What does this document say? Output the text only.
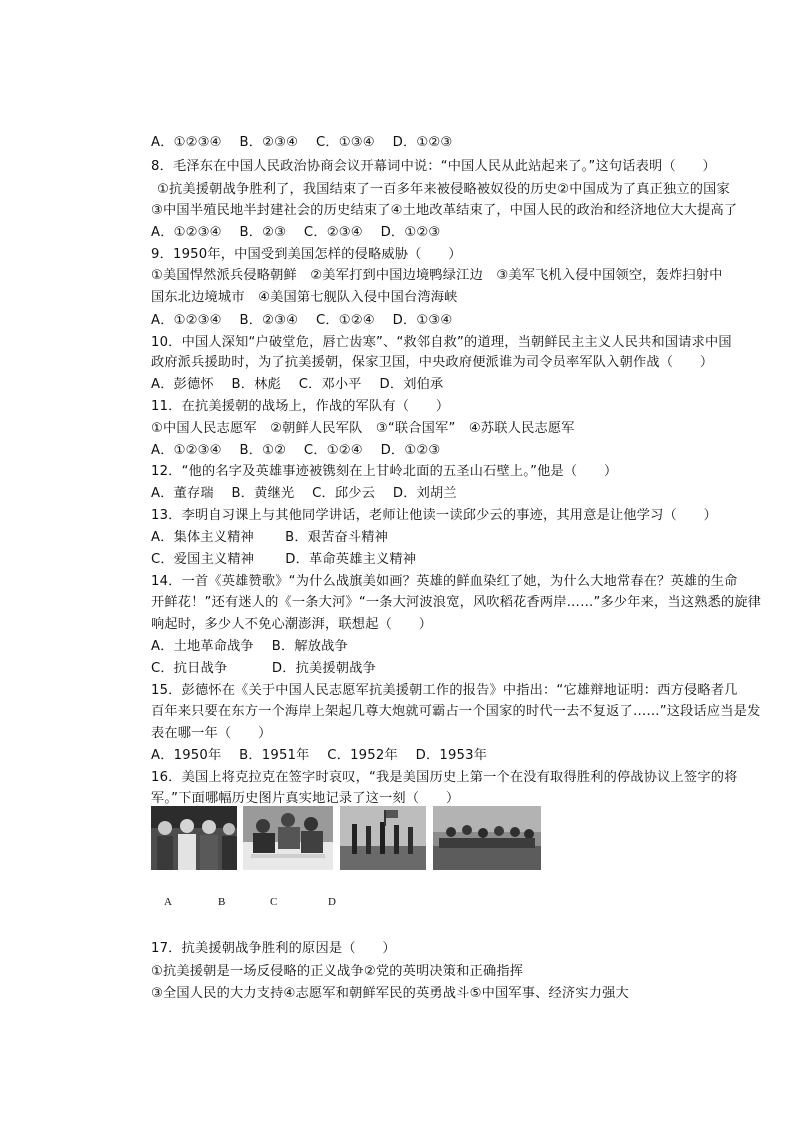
A．①②③④　 B．②③④　 C．①③④　 D．①②③
8．毛泽东在中国人民政治协商会议开幕词中说：“中国人民从此站起来了。”这句话表明（　　）
①抗美援朝战争胜利了，我国结束了一百多年来被侵略被奴役的历史②中国成为了真正独立的国家
③中国半殖民地半封建社会的历史结束了④土地改革结束了，中国人民的政治和经济地位大大提高了
A．①②③④　 B．②③　 C．②③④　 D．①②③
9．1950年，中国受到美国怎样的侵略威胁（　　）
①美国悍然派兵侵略朝鲜　②美军打到中国边境鸭绿江边　③美军飞机入侵中国领空，轰炸扫射中
国东北边境城市　④美国第七舰队入侵中国台湾海峡
A．①②③④　 B．②③④　 C．①②④　 D．①③④
10．中国人深知“户破堂危，唇亡齿寒”、“救邻自救”的道理，当朝鲜民主主义人民共和国请求中国
政府派兵援助时，为了抗美援朝，保家卫国，中央政府便派谁为司令员率军队入朝作战（　　）
A．彭德怀　 B．林彪　 C．邓小平　 D．刘伯承
11．在抗美援朝的战场上，作战的军队有（　　）
①中国人民志愿军　②朝鲜人民军队　③“联合国军”　④苏联人民志愿军
A．①②③④　 B．①②　 C．①②④　 D．①②③
12．“他的名字及英雄事迹被镌刻在上甘岭北面的五圣山石壁上。”他是（　　）
A．董存瑞　 B．黄继光　 C．邱少云　 D．刘胡兰
13．李明自习课上与其他同学讲话，老师让他读一读邱少云的事迹，其用意是让他学习（　　）
A．集体主义精神　　 B．艰苦奋斗精神
C．爱国主义精神　　 D．革命英雄主义精神
14．一首《英雄赞歌》“为什么战旗美如画？英雄的鲜血染红了她，为什么大地常春在？英雄的生命
开鲜花！”还有迷人的《一条大河》“一条大河波浪宽，风吹稻花香两岸……”多少年来，当这熟悉的旋律
响起时，多少人不免心潮澎湃，联想起（　　）
A．土地革命战争　 B．解放战争
C．抗日战争　　　 D．抗美援朝战争
15．彭德怀在《关于中国人民志愿军抗美援朝工作的报告》中指出：“它雄辩地证明：西方侵略者几
百年来只要在东方一个海岸上架起几尊大炮就可霸占一个国家的时代一去不复返了……”这段话应当是发
表在哪一年（　　）
A．1950年　 B．1951年　 C．1952年　 D．1953年
16．美国上将克拉克在签字时哀叹，“我是美国历史上第一个在没有取得胜利的停战协议上签字的将
军。”下面哪幅历史图片真实地记录了这一刻（　　）
A	B	C	D
17．抗美援朝战争胜利的原因是（　　）
①抗美援朝是一场反侵略的正义战争②党的英明决策和正确指挥
③全国人民的大力支持④志愿军和朝鲜军民的英勇战斗⑤中国军事、经济实力强大
